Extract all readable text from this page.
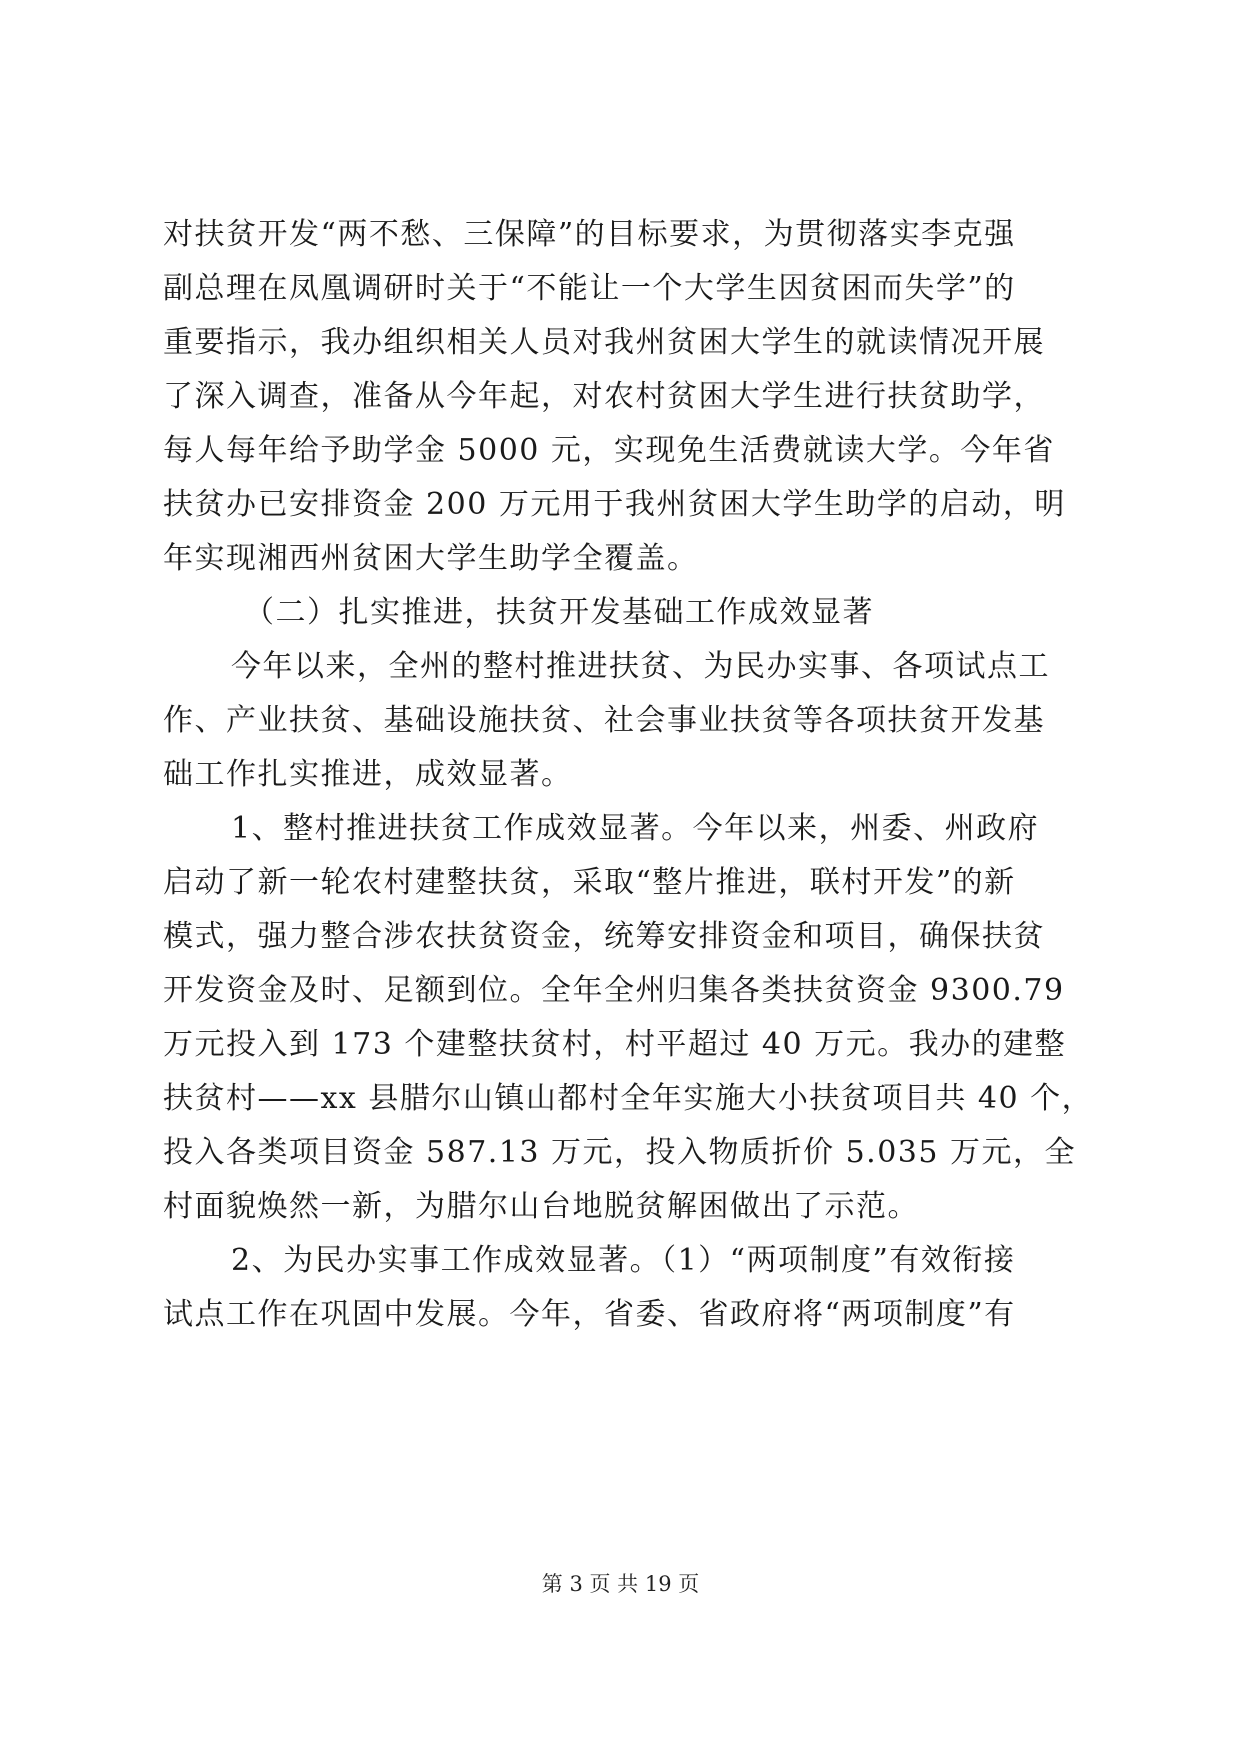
对扶贫开发“两不愁、三保障”的目标要求，为贯彻落实李克强
副总理在凤凰调研时关于“不能让一个大学生因贫困而失学”的
重要指示，我办组织相关人员对我州贫困大学生的就读情况开展
了深入调查，准备从今年起，对农村贫困大学生进行扶贫助学，
每人每年给予助学金 5000 元，实现免生活费就读大学。今年省
扶贫办已安排资金 200 万元用于我州贫困大学生助学的启动，明
年实现湘西州贫困大学生助学全覆盖。
（二）扎实推进，扶贫开发基础工作成效显著
今年以来，全州的整村推进扶贫、为民办实事、各项试点工
作、产业扶贫、基础设施扶贫、社会事业扶贫等各项扶贫开发基
础工作扎实推进，成效显著。
1、整村推进扶贫工作成效显著。今年以来，州委、州政府
启动了新一轮农村建整扶贫，采取“整片推进，联村开发”的新
模式，强力整合涉农扶贫资金，统筹安排资金和项目，确保扶贫
开发资金及时、足额到位。全年全州归集各类扶贫资金 9300.79
万元投入到 173 个建整扶贫村，村平超过 40 万元。我办的建整
扶贫村——xx 县腊尔山镇山都村全年实施大小扶贫项目共 40 个，
投入各类项目资金 587.13 万元，投入物质折价 5.035 万元，全
村面貌焕然一新，为腊尔山台地脱贫解困做出了示范。
2、为民办实事工作成效显著。（1）“两项制度”有效衔接
试点工作在巩固中发展。今年，省委、省政府将“两项制度”有
第 3 页 共 19 页
